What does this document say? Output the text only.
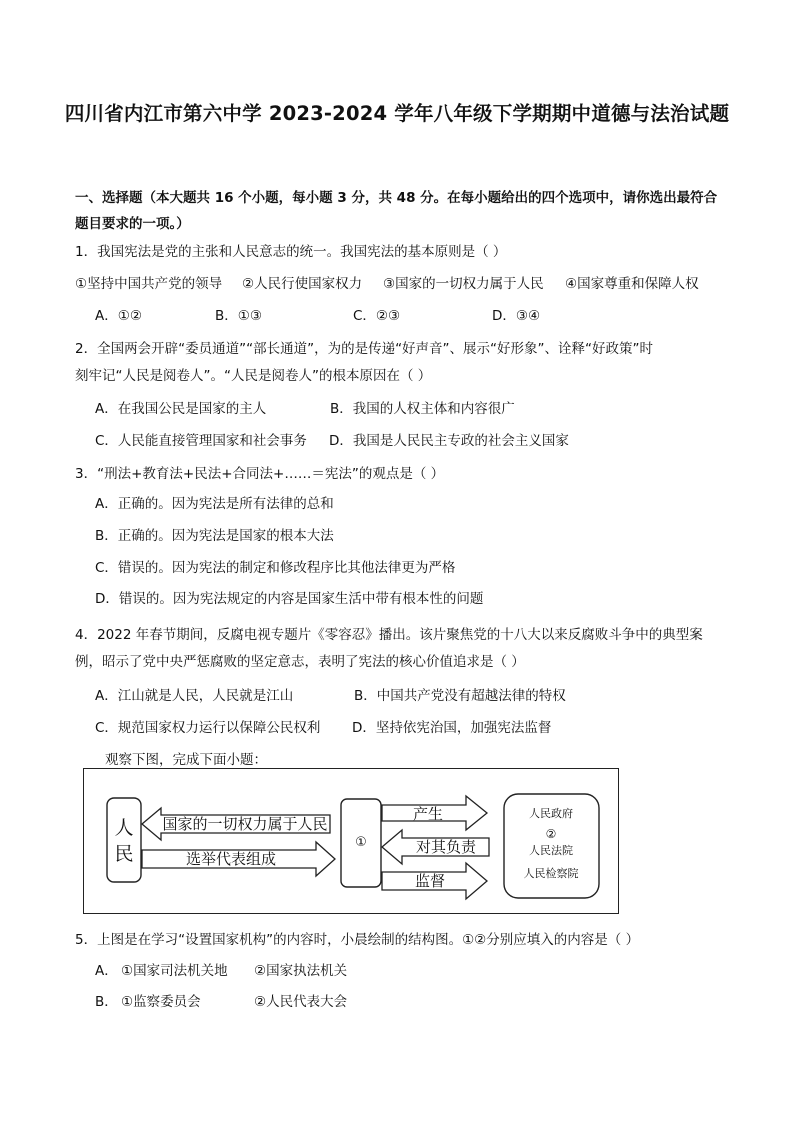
四川省内江市第六中学 2023-2024 学年八年级下学期期中道德与法治试题
一、选择题（本大题共 16 个小题，每小题 3 分，共 48 分。在每小题给出的四个选项中，请你选出最符合
题目要求的一项。）
1．我国宪法是党的主张和人民意志的统一。我国宪法的基本原则是（ ）
①坚持中国共产党的领导 ②人民行使国家权力 ③国家的一切权力属于人民 ④国家尊重和保障人权
A．①②	B．①③	C．②③	D．③④
2．全国两会开辟“委员通道”“部长通道”，为的是传递“好声音”、展示“好形象”、诠释“好政策”时
刻牢记“人民是阅卷人”。“人民是阅卷人”的根本原因在（ ）
A．在我国公民是国家的主人	B．我国的人权主体和内容很广
C．人民能直接管理国家和社会事务 D．我国是人民民主专政的社会主义国家
3．“刑法+教育法+民法+合同法+……＝宪法”的观点是（ ）
A．正确的。因为宪法是所有法律的总和
B．正确的。因为宪法是国家的根本大法
C．错误的。因为宪法的制定和修改程序比其他法律更为严格
D．错误的。因为宪法规定的内容是国家生活中带有根本性的问题
4．2022 年春节期间，反腐电视专题片《零容忍》播出。该片聚焦党的十八大以来反腐败斗争中的典型案
例，昭示了党中央严惩腐败的坚定意志，表明了宪法的核心价值追求是（ ）
A．江山就是人民，人民就是江山	B．中国共产党没有超越法律的特权
C．规范国家权力运行以保障公民权利 D．坚持依宪治国，加强宪法监督
观察下图，完成下面小题：
人
民
国家的一切权力属于人民
选举代表组成
①
产生
对其负责
监督
人民政府
②
人民法院
人民检察院
5．上图是在学习“设置国家机构”的内容时，小晨绘制的结构图。①②分别应填入的内容是（ ）
A． ①国家司法机关地 ②国家执法机关
B． ①监察委员会	②人民代表大会
